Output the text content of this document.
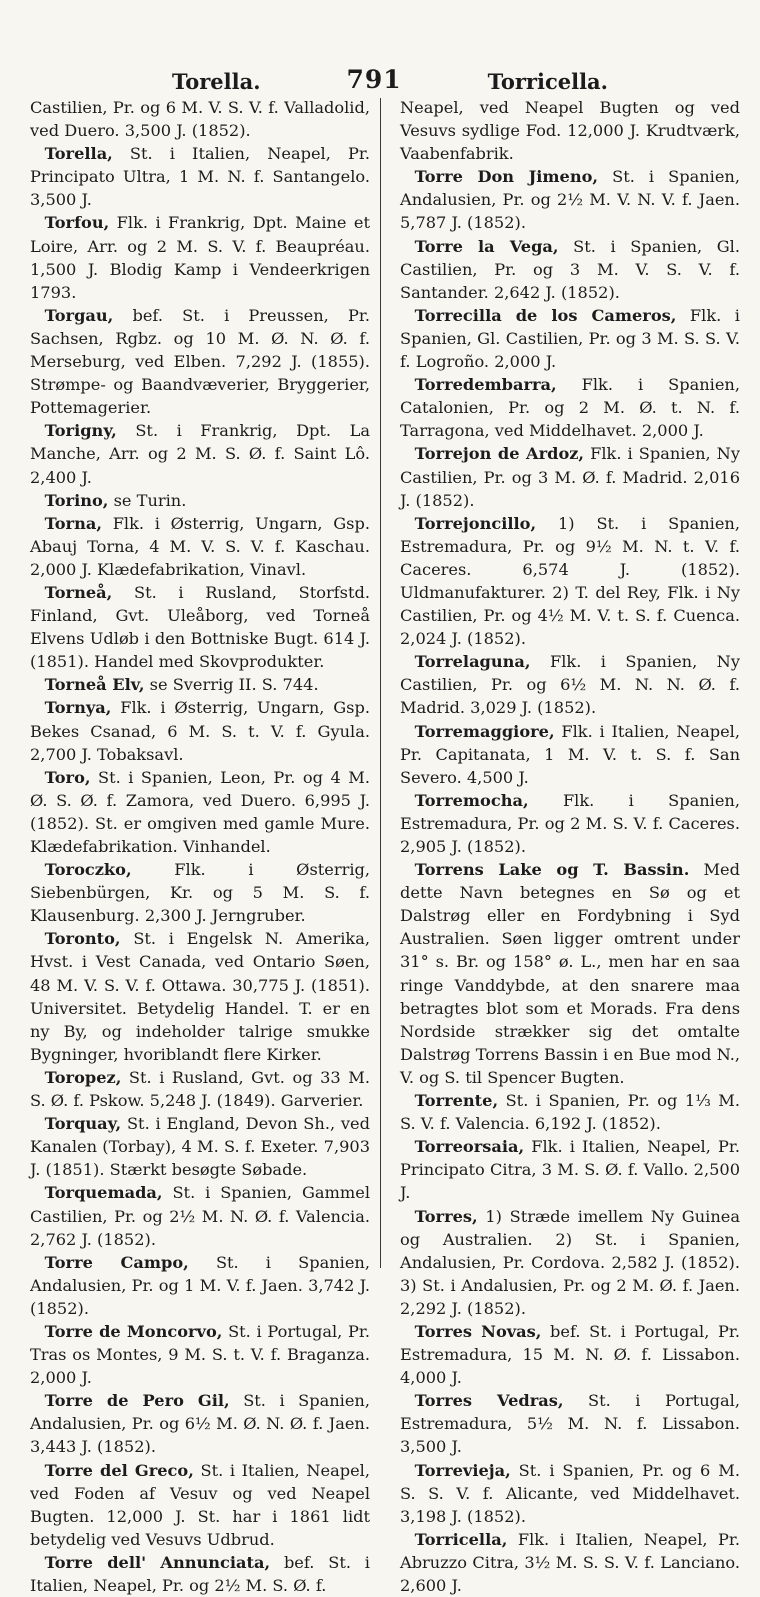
Torella.	791	Torricella.

Castilien, Pr. og 6 M. V. S. V. f. Valladolid, ved Duero. 3,500 J. (1852).

Torella, St. i Italien, Neapel, Pr. Principato Ultra, 1 M. N. f. Santangelo. 3,500 J.

Torfou, Flk. i Frankrig, Dpt. Maine et Loire, Arr. og 2 M. S. V. f. Beaupréau. 1,500 J. Blodig Kamp i Vendeerkrigen 1793.

Torgau, bef. St. i Preussen, Pr. Sachsen, Rgbz. og 10 M. Ø. N. Ø. f. Merseburg, ved Elben. 7,292 J. (1855). Strømpe- og Baandvæverier, Bryggerier, Pottemagerier.

Torigny, St. i Frankrig, Dpt. La Manche, Arr. og 2 M. S. Ø. f. Saint Lô. 2,400 J.

Torino, se Turin.

Torna, Flk. i Østerrig, Ungarn, Gsp. Abauj Torna, 4 M. V. S. V. f. Kaschau. 2,000 J. Klædefabrikation, Vinavl.

Torneå, St. i Rusland, Storfstd. Finland, Gvt. Uleåborg, ved Torneå Elvens Udløb i den Bottniske Bugt. 614 J. (1851). Handel med Skovprodukter.

Torneå Elv, se Sverrig II. S. 744.

Tornya, Flk. i Østerrig, Ungarn, Gsp. Bekes Csanad, 6 M. S. t. V. f. Gyula. 2,700 J. Tobaksavl.

Toro, St. i Spanien, Leon, Pr. og 4 M. Ø. S. Ø. f. Zamora, ved Duero. 6,995 J. (1852). St. er omgiven med gamle Mure. Klædefabrikation. Vinhandel.

Toroczko,	Flk. i Østerrig, Siebenbürgen, Kr. og 5 M. S. f. Klausenburg. 2,300 J. Jerngruber.

Toronto, St. i Engelsk N. Amerika, Hvst. i Vest Canada, ved Ontario Søen, 48 M. V. S. V. f. Ottawa. 30,775 J. (1851). Universitet. Betydelig Handel. T. er en ny By, og indeholder talrige smukke Bygninger, hvoriblandt flere Kirker.

Toropez, St. i Rusland, Gvt. og 33 M. S. Ø. f. Pskow. 5,248 J. (1849). Garverier.

Torquay, St. i England, Devon Sh., ved Kanalen (Torbay), 4 M. S. f. Exeter. 7,903 J. (1851). Stærkt besøgte Søbade.

Torquemada, St. i Spanien, Gammel Castilien, Pr. og 2½ M. N. Ø. f. Valencia. 2,762 J. (1852).

Torre Campo, St. i Spanien, Andalusien, Pr. og 1 M. V. f. Jaen. 3,742 J. (1852).

Torre de Moncorvo, St. i Portugal, Pr. Tras os Montes, 9 M. S. t. V. f. Braganza. 2,000 J.

Torre de Pero Gil, St. i Spanien, Andalusien, Pr. og 6½ M. Ø. N. Ø. f. Jaen. 3,443 J. (1852).

Torre del Greco, St. i Italien, Neapel, ved Foden af Vesuv og ved Neapel Bugten. 12,000 J. St. har i 1861 lidt betydelig ved Vesuvs Udbrud.

Torre dell' Annunciata, bef. St. i Italien, Neapel, Pr. og 2½ M. S. Ø. f.

Neapel, ved Neapel Bugten og ved Vesuvs sydlige Fod. 12,000 J. Krudtværk, Vaabenfabrik.

Torre Don Jimeno, St. i Spanien, Andalusien, Pr. og 2½ M. V. N. V. f. Jaen. 5,787 J. (1852).

Torre la Vega, St. i Spanien, Gl. Castilien, Pr. og 3 M. V. S. V. f. Santander. 2,642 J. (1852).

Torrecilla de los Cameros, Flk. i Spanien, Gl. Castilien, Pr. og 3 M. S. S. V. f. Logroño. 2,000 J.

Torredembarra, Flk. i Spanien, Catalonien, Pr. og 2 M. Ø. t. N. f. Tarragona, ved Middelhavet. 2,000 J.

Torrejon de Ardoz, Flk. i Spanien, Ny Castilien, Pr. og 3 M. Ø. f. Madrid. 2,016 J. (1852).

Torrejoncillo, 1) St. i Spanien, Estremadura, Pr. og 9½ M. N. t. V. f. Caceres. 6,574 J. (1852). Uldmanufakturer. 2) T. del Rey, Flk. i Ny Castilien, Pr. og 4½ M. V. t. S. f. Cuenca. 2,024 J. (1852).

Torrelaguna, Flk. i Spanien, Ny Castilien, Pr. og 6½ M. N. N. Ø. f. Madrid. 3,029 J. (1852).

Torremaggiore, Flk. i Italien, Neapel, Pr. Capitanata, 1 M. V. t. S. f. San Severo. 4,500 J.

Torremocha, Flk. i Spanien, Estremadura, Pr. og 2 M. S. V. f. Caceres. 2,905 J. (1852).

Torrens Lake og T. Bassin. Med dette Navn betegnes en Sø og et Dalstrøg eller en Fordybning i Syd Australien. Søen ligger omtrent under 31° s. Br. og 158° ø. L., men har en saa ringe Vanddybde, at den snarere maa betragtes blot som et Morads. Fra dens Nordside strækker sig det omtalte Dalstrøg Torrens Bassin i en Bue mod N., V. og S. til Spencer Bugten.

Torrente, St. i Spanien, Pr. og 1⅓ M. S. V. f. Valencia. 6,192 J. (1852).

Torreorsaia, Flk. i Italien, Neapel, Pr. Principato Citra, 3 M. S. Ø. f. Vallo. 2,500 J.

Torres, 1) Stræde imellem Ny Guinea og Australien. 2) St. i Spanien, Andalusien, Pr. Cordova. 2,582 J. (1852). 3) St. i Andalusien, Pr. og 2 M. Ø. f. Jaen. 2,292 J. (1852).

Torres Novas, bef. St. i Portugal, Pr. Estremadura, 15 M. N. Ø. f. Lissabon. 4,000 J.

Torres Vedras, St. i Portugal, Estremadura, 5½ M. N. f. Lissabon. 3,500 J.

Torrevieja, St. i Spanien, Pr. og 6 M. S. S. V. f. Alicante, ved Middelhavet. 3,198 J. (1852).

Torricella, Flk. i Italien, Neapel, Pr. Abruzzo Citra, 3½ M. S. S. V. f. Lanciano. 2,600 J.
